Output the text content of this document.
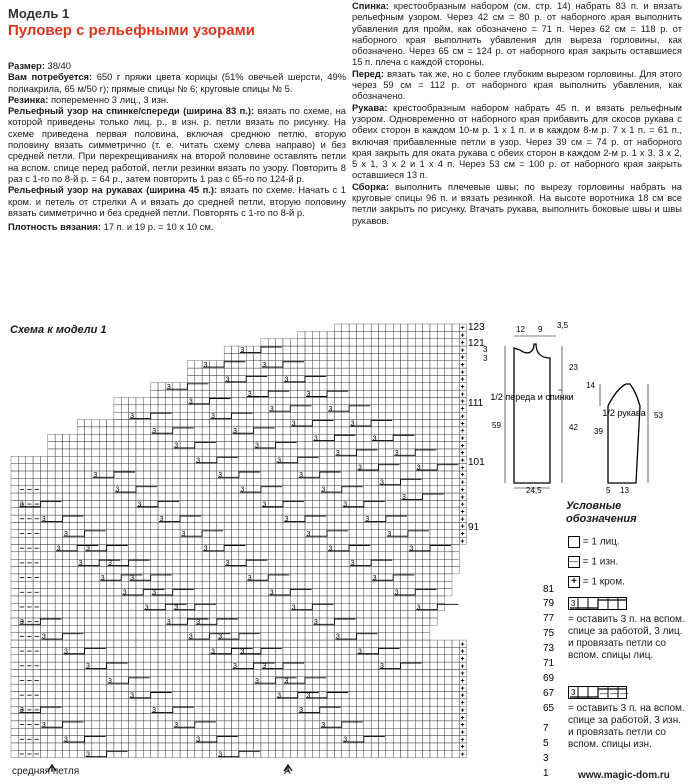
Модель 1
Пуловер с рельефными узорами

Размер: 38/40

Вам потребуется: 650 г пряжи цвета корицы (51% овечьей шерсти, 49% полиакрила, 65 м/50 г); прямые спицы № 6; круговые спицы № 5.

Резинка: попеременно 3 лиц., 3 изн.

Рельефный узор на спинке/спереди (ширина 83 п.): вязать по схеме, на которой приведены только лиц. р., в изн. р. петли вязать по рисунку. На схеме приведена первая половина, включая среднюю петлю, вторую половину вязать симметрично (т. е. читать схему слева направо) и без средней петли. При перекрещиваниях на второй половине оставлять петли на вспом. спице перед работой, петли резинки вязать по узору. Повторить 8 раз с 1-го по 8-й р. = 64 р., затем повторить 1 раз с 65-го по 124-й р.

Рельефный узор на рукавах (ширина 45 п.): вязать по схеме. Начать с 1 кром. и петель от стрелки А и вязать до средней петли, вторую половину вязать симметрично и без средней петли. Повторять с 1-го по 8-й р.

Плотность вязания: 17 п. и 19 р. = 10 х 10 см.

Спинка: крестообразным набором (см. стр. 14) набрать 83 п. и вязать рельефным узором. Через 42 см = 80 р. от наборного края выполнить убавления для пройм, как обозначено = 71 п. Через 62 см = 118 р. от наборного края выполнить убавления для выреза горловины, как обозначено. Через 65 см = 124 р. от наборного края закрыть оставшиеся 15 п. плеча с каждой стороны.

Перед: вязать так же, но с более глубоким вырезом горловины. Для этого через 59 см = 112 р. от наборного края выполнить убавления, как обозначено.

Рукава: крестообразным набором набрать 45 п. и вязать рельефным узором. Одновременно от наборного края прибавить для скосов рукава с обеих сторон в каждом 10-м р. 1 х 1 п. и в каждом 8-м р. 7 х 1 п. = 61 п., включая прибавленные петли в узор. Через 39 см = 74 р. от наборного края закрыть для оката рукава с обеих сторон в каждом 2-м р. 1 х 3, 3 х 2, 5 х 1, 3 х 2 и 1 х 4 п. Через 53 см = 100 р. от наборного края закрыть оставшиеся 13 п.

Сборка: выполнить плечевые швы; по вырезу горловины набрать на круговые спицы 96 п. и вязать резинкой. На высоте воротника 18 см все петли закрыть по рисунку. Втачать рукава, выполнить боковые швы и швы рукавов.

Схема к модели 1	+
+
+
+
+
+
+
+
+
+
+
+
+
+
+
+
+
+
+
+
+
+
+
+
+
+
+
+
+
+
+
+
+
+
+
+
+
+
+
+
+
+
+
+
+
+
3
3
3
3
3
3
3
3
3
3
3
3
3
3
3
3
3
3
3
3
3
3
3
3
3
3
3
3
3
3
3
3
3
3
3
3
3
3
3
3
3
3
3
3
3
3
3
3
3
3
3
3
3
3
3
3
3
3
3
3
3
3
3
3
3
3
3
3
3
3
3
3
3
3
3
3
3
3
3
3
3
3
3
3
3
3
3
3
3
3
3
3
3
3
3
3
3
3
3
3
3
123
121
111
101
91
81
79
77
75
73
71
69
67
65
7
5
3
1
средняя петля	А
12 9 3,5
3
3
23
59	42
24,5
1/2 переда и спинки
14
39
53
5 13
1/2 рукава
Условные обозначения
= 1 лиц.
— = 1 изн.
+ = 1 кром.
3
= оставить 3 п. на вспом. спице за работой, 3 лиц. и провязать петли со вспом. спицы лиц.
3	— — —
= оставить 3 п. на вспом. спице за работой, 3 изн. и провязать петли со вспом. спицы изн.
www.magic-dom.ru
